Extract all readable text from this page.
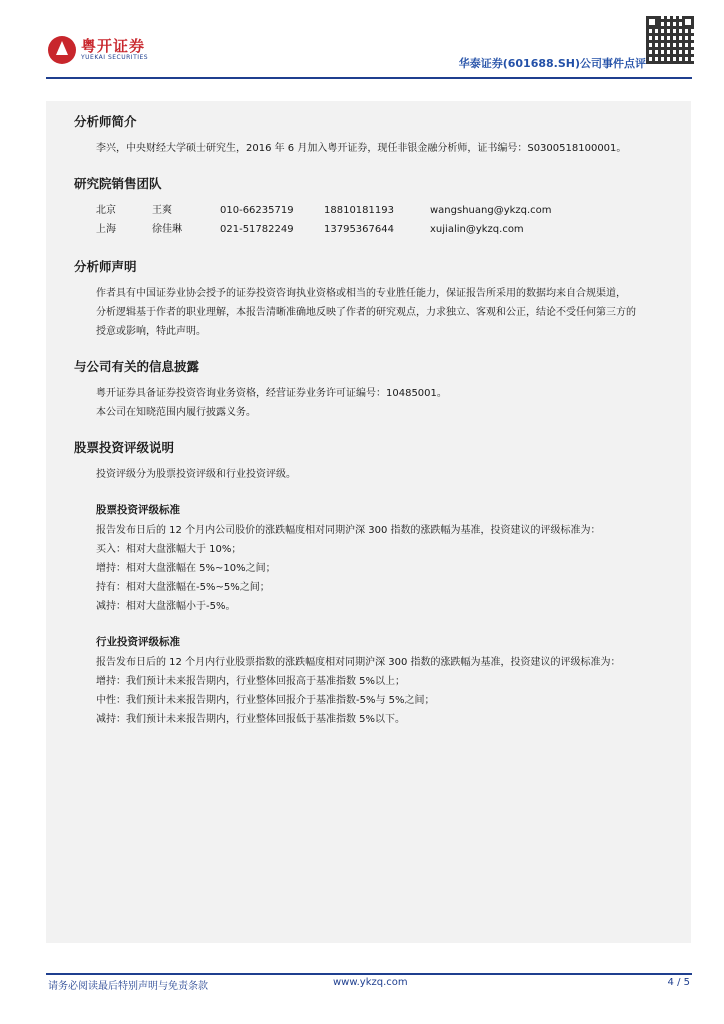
粤开证券
YUEKAI SECURITIES	华泰证券(601688.SH)公司事件点评
分析师简介

李兴，中央财经大学硕士研究生，2016 年 6 月加入粤开证券，现任非银金融分析师，证书编号：S0300518100001。

研究院销售团队
北京	王爽	010-66235719	18810181193	wangshuang@ykzq.com
上海	徐佳琳	021-51782249	13795367644	xujialin@ykzq.com
分析师声明

作者具有中国证券业协会授予的证券投资咨询执业资格或相当的专业胜任能力，保证报告所采用的数据均来自合规渠道，

分析逻辑基于作者的职业理解，本报告清晰准确地反映了作者的研究观点，力求独立、客观和公正，结论不受任何第三方的

授意或影响，特此声明。

与公司有关的信息披露

粤开证券具备证券投资咨询业务资格，经营证券业务许可证编号：10485001。

本公司在知晓范围内履行披露义务。

股票投资评级说明

投资评级分为股票投资评级和行业投资评级。

股票投资评级标准

报告发布日后的 12 个月内公司股价的涨跌幅度相对同期沪深 300 指数的涨跌幅为基准，投资建议的评级标准为：

买入：相对大盘涨幅大于 10%；

增持：相对大盘涨幅在 5%~10%之间；

持有：相对大盘涨幅在-5%~5%之间；

减持：相对大盘涨幅小于-5%。

行业投资评级标准

报告发布日后的 12 个月内行业股票指数的涨跌幅度相对同期沪深 300 指数的涨跌幅为基准，投资建议的评级标准为：

增持：我们预计未来报告期内，行业整体回报高于基准指数 5%以上；

中性：我们预计未来报告期内，行业整体回报介于基准指数-5%与 5%之间；

减持：我们预计未来报告期内，行业整体回报低于基准指数 5%以下。

请务必阅读最后特别声明与免责条款	www.ykzq.com	4 / 5
